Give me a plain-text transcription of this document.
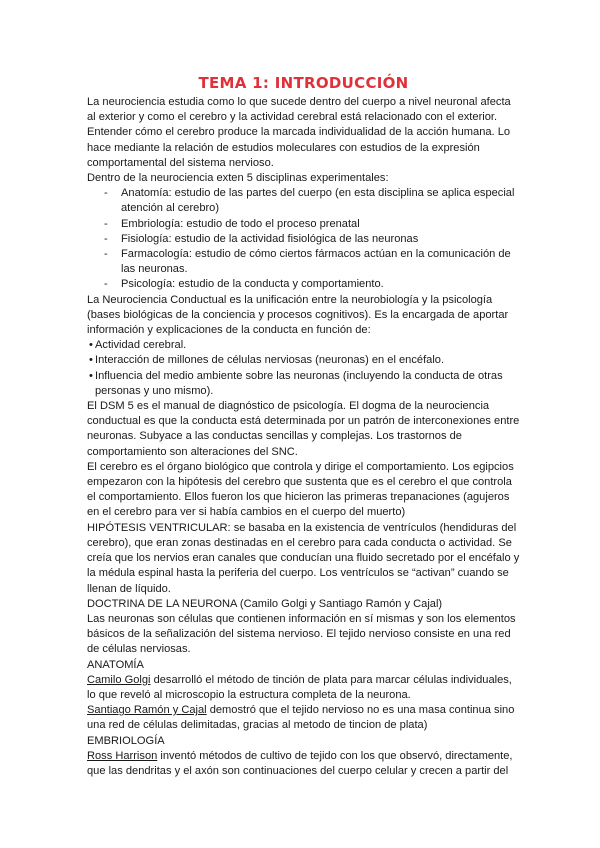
TEMA 1: INTRODUCCIÓN

La neurociencia estudia como lo que sucede dentro del cuerpo a nivel neuronal afecta al exterior y como el cerebro y la actividad cerebral está relacionado con el exterior.

Entender cómo el cerebro produce la marcada individualidad de la acción humana. Lo hace mediante la relación de estudios moleculares con estudios de la expresión comportamental del sistema nervioso.

Dentro de la neurociencia exten 5 disciplinas experimentales:

- Anatomía: estudio de las partes del cuerpo (en esta disciplina se aplica especial atención al cerebro)
- Embriología: estudio de todo el proceso prenatal
- Fisiología: estudio de la actividad fisiológica de las neuronas
- Farmacología: estudio de cómo ciertos fármacos actúan en la comunicación de las neuronas.
- Psicología: estudio de la conducta y comportamiento.

La Neurociencia Conductual es la unificación entre la neurobiología y la psicología (bases biológicas de la conciencia y procesos cognitivos). Es la encargada de aportar información y explicaciones de la conducta en función de:

• Actividad cerebral.
• Interacción de millones de células nerviosas (neuronas) en el encéfalo.
• Influencia del medio ambiente sobre las neuronas (incluyendo la conducta de otras personas y uno mismo).

El DSM 5 es el manual de diagnóstico de psicología. El dogma de la neurociencia conductual es que la conducta está determinada por un patrón de interconexiones entre neuronas. Subyace a las conductas sencillas y complejas. Los trastornos de comportamiento son alteraciones del SNC.

El cerebro es el órgano biológico que controla y dirige el comportamiento. Los egipcios empezaron con la hipótesis del cerebro que sustenta que es el cerebro el que controla el comportamiento. Ellos fueron los que hicieron las primeras trepanaciones (agujeros en el cerebro para ver si había cambios en el cuerpo del muerto)

HIPÓTESIS VENTRICULAR: se basaba en la existencia de ventrículos (hendiduras del cerebro), que eran zonas destinadas en el cerebro para cada conducta o actividad. Se creía que los nervios eran canales que conducían una fluido secretado por el encéfalo y la médula espinal hasta la periferia del cuerpo. Los ventrículos se “activan” cuando se llenan de líquido.

DOCTRINA DE LA NEURONA (Camilo Golgi y Santiago Ramón y Cajal)

Las neuronas son células que contienen información en sí mismas y son los elementos básicos de la señalización del sistema nervioso. El tejido nervioso consiste en una red de células nerviosas.

ANATOMÍA

Camilo Golgi desarrolló el método de tinción de plata para marcar células individuales, lo que reveló al microscopio la estructura completa de la neurona.

Santiago Ramón y Cajal demostró que el tejido nervioso no es una masa continua sino una red de células delimitadas, gracias al metodo de tincion de plata)

EMBRIOLOGÍA

Ross Harrison inventó métodos de cultivo de tejido con los que observó, directamente, que las dendritas y el axón son continuaciones del cuerpo celular y crecen a partir del
